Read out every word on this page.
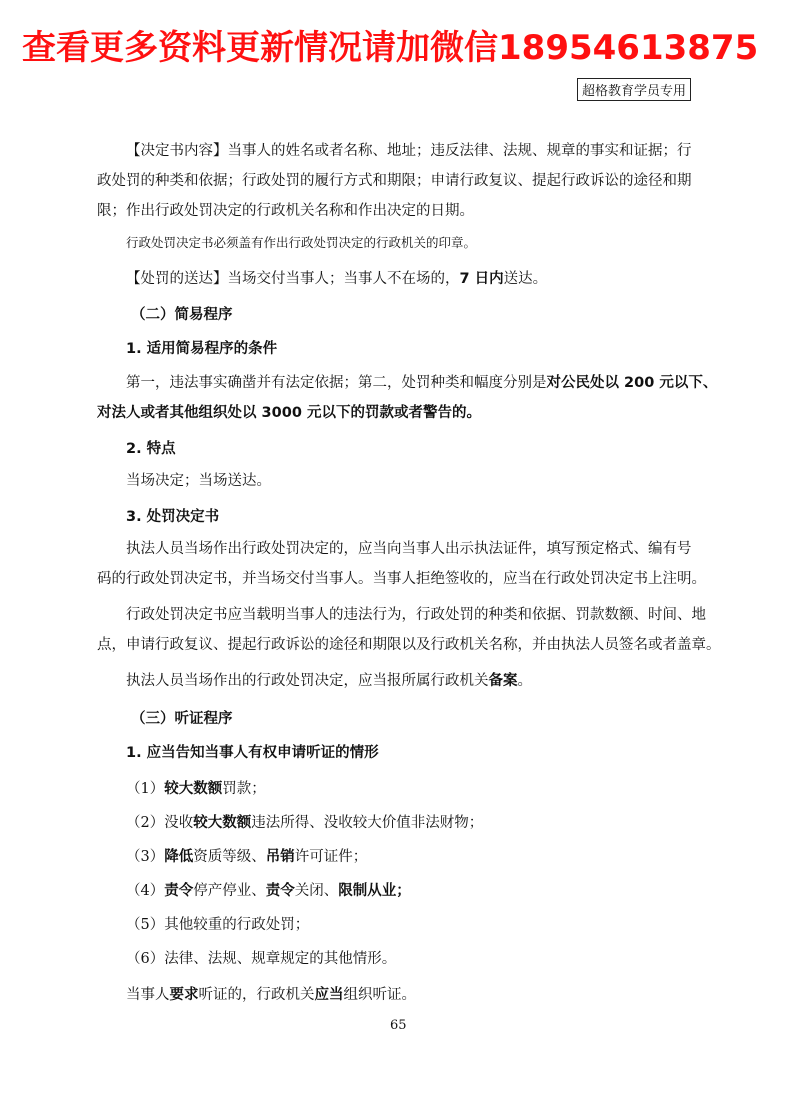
查看更多资料更新情况请加微信18954613875
超格教育学员专用
【决定书内容】当事人的姓名或者名称、地址；违反法律、法规、规章的事实和证据；行
政处罚的种类和依据；行政处罚的履行方式和期限；申请行政复议、提起行政诉讼的途径和期
限；作出行政处罚决定的行政机关名称和作出决定的日期。
行政处罚决定书必须盖有作出行政处罚决定的行政机关的印章。
【处罚的送达】当场交付当事人；当事人不在场的，7 日内送达。
（二）简易程序
1. 适用简易程序的条件
第一，违法事实确凿并有法定依据；第二，处罚种类和幅度分别是对公民处以 200 元以下、
对法人或者其他组织处以 3000 元以下的罚款或者警告的。
2. 特点
当场决定；当场送达。
3. 处罚决定书
执法人员当场作出行政处罚决定的，应当向当事人出示执法证件，填写预定格式、编有号
码的行政处罚决定书，并当场交付当事人。当事人拒绝签收的，应当在行政处罚决定书上注明。
行政处罚决定书应当载明当事人的违法行为，行政处罚的种类和依据、罚款数额、时间、地
点，申请行政复议、提起行政诉讼的途径和期限以及行政机关名称，并由执法人员签名或者盖章。
执法人员当场作出的行政处罚决定，应当报所属行政机关备案。
（三）听证程序
1. 应当告知当事人有权申请听证的情形
（1）较大数额罚款；
（2）没收较大数额违法所得、没收较大价值非法财物；
（3）降低资质等级、吊销许可证件；
（4）责令停产停业、责令关闭、限制从业；
（5）其他较重的行政处罚；
（6）法律、法规、规章规定的其他情形。
当事人要求听证的，行政机关应当组织听证。
65
